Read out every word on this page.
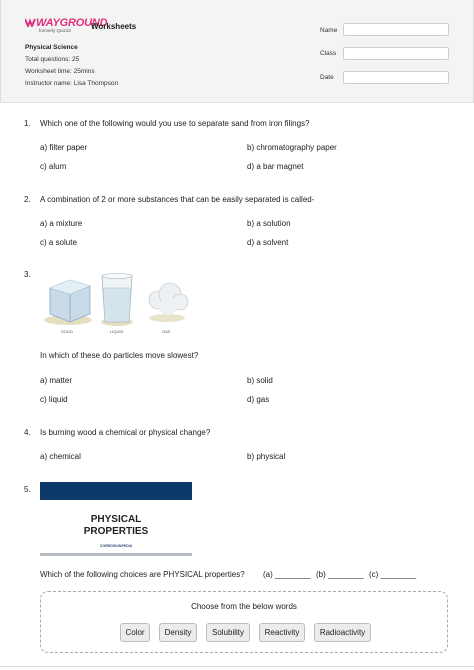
WAYGROUND
formerly Quizizz Worksheets
Physical Science
Total questions: 25
Worksheet time: 25mins
Instructor name: Lisa Thompson
Name
Class
Date
1. Which one of the following would you use to separate sand from iron filings?
a) filter paper	b) chromatography paper
c) alum	d) a bar magnet
2. A combination of 2 or more substances that can be easily separated is called-
a) a mixture	b) a solution
c) a solute	d) a solvent
3.
SOLID	LIQUID	GAS
In which of these do particles move slowest?
a) matter	b) solid
c) liquid	d) gas
4. Is burning wood a chemical or physical change?
a) chemical	b) physical
5.
PHYSICAL
PROPERTIES
CORROSIONPEDIA
Which of the following choices are PHYSICAL properties? (a) ________ (b) ________ (c) ________
Choose from the below words
Color	Density	Solubility	Reactivity	Radioactivity
